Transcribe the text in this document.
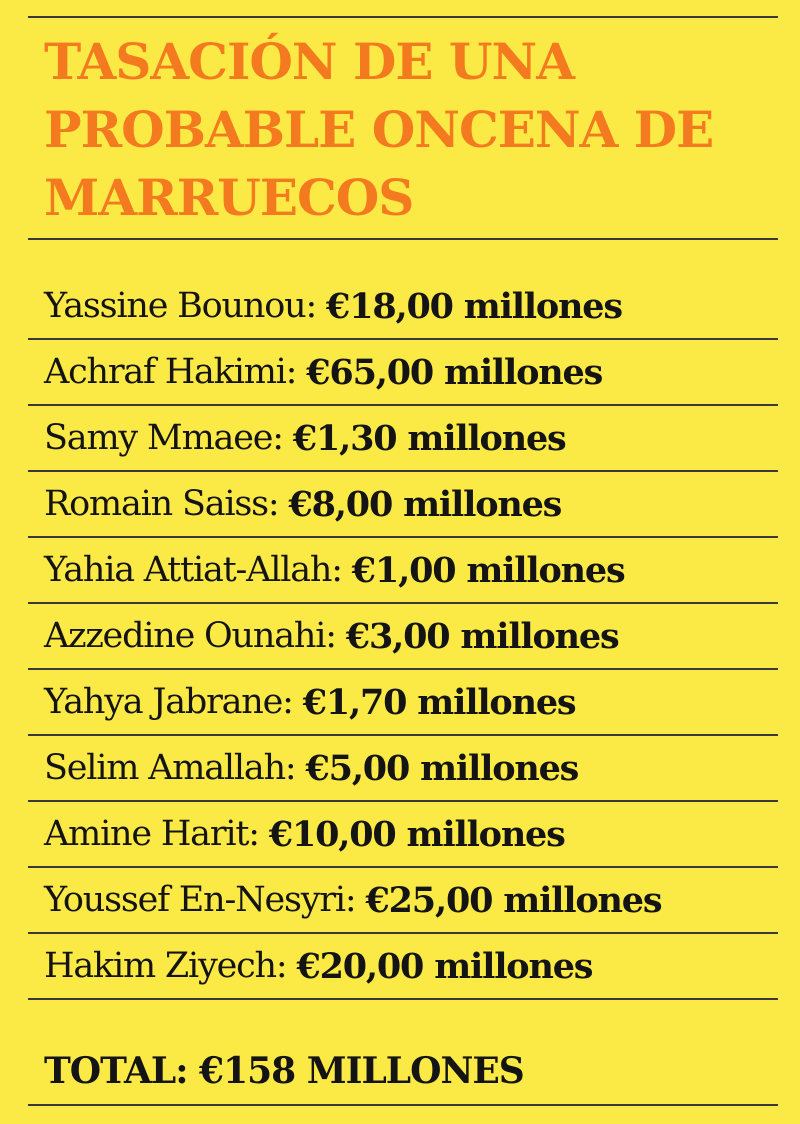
TASACIÓN DE UNA
PROBABLE ONCENA DE
MARRUECOS
Yassine Bounou: €18,00 millones
Achraf Hakimi: €65,00 millones
Samy Mmaee: €1,30 millones
Romain Saiss: €8,00 millones
Yahia Attiat-Allah: €1,00 millones
Azzedine Ounahi: €3,00 millones
Yahya Jabrane: €1,70 millones
Selim Amallah: €5,00 millones
Amine Harit: €10,00 millones
Youssef En-Nesyri: €25,00 millones
Hakim Ziyech: €20,00 millones
TOTAL: €158 MILLONES
